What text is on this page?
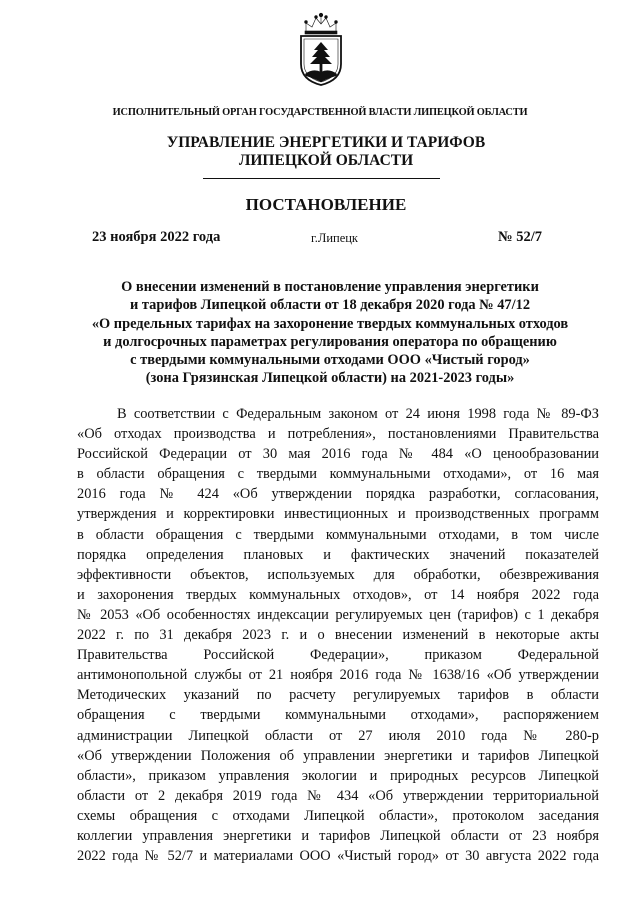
ИСПОЛНИТЕЛЬНЫЙ ОРГАН ГОСУДАРСТВЕННОЙ ВЛАСТИ ЛИПЕЦКОЙ ОБЛАСТИ
УПРАВЛЕНИЕ ЭНЕРГЕТИКИ И ТАРИФОВ
ЛИПЕЦКОЙ ОБЛАСТИ
ПОСТАНОВЛЕНИЕ
23 ноября 2022 года	г.Липецк	№ 52/7
О внесении изменений в постановление управления энергетики
и тарифов Липецкой области от 18 декабря 2020 года № 47/12
«О предельных тарифах на захоронение твердых коммунальных отходов
и долгосрочных параметрах регулирования оператора по обращению
с твердыми коммунальными отходами ООО «Чистый город»
(зона Грязинская Липецкой области) на 2021-2023 годы»
В соответствии с Федеральным законом от 24 июня 1998 года № 89-ФЗ
«Об отходах производства и потребления», постановлениями Правительства
Российской Федерации от 30 мая 2016 года № 484 «О ценообразовании
в области обращения с твердыми коммунальными отходами», от 16 мая
2016 года № 424 «Об утверждении порядка разработки, согласования,
утверждения и корректировки инвестиционных и производственных программ
в области обращения с твердыми коммунальными отходами, в том числе
порядка определения плановых и фактических значений показателей
эффективности объектов, используемых для обработки, обезвреживания
и захоронения твердых коммунальных отходов», от 14 ноября 2022 года
№ 2053 «Об особенностях индексации регулируемых цен (тарифов) с 1 декабря
2022 г. по 31 декабря 2023 г. и о внесении изменений в некоторые акты
Правительства Российской Федерации», приказом Федеральной
антимонопольной службы от 21 ноября 2016 года № 1638/16 «Об утверждении
Методических указаний по расчету регулируемых тарифов в области
обращения с твердыми коммунальными отходами», распоряжением
администрации Липецкой области от 27 июля 2010 года № 280-р
«Об утверждении Положения об управлении энергетики и тарифов Липецкой
области», приказом управления экологии и природных ресурсов Липецкой
области от 2 декабря 2019 года № 434 «Об утверждении территориальной
схемы обращения с отходами Липецкой области», протоколом заседания
коллегии управления энергетики и тарифов Липецкой области от 23 ноября
2022 года № 52/7 и материалами ООО «Чистый город» от 30 августа 2022 года
